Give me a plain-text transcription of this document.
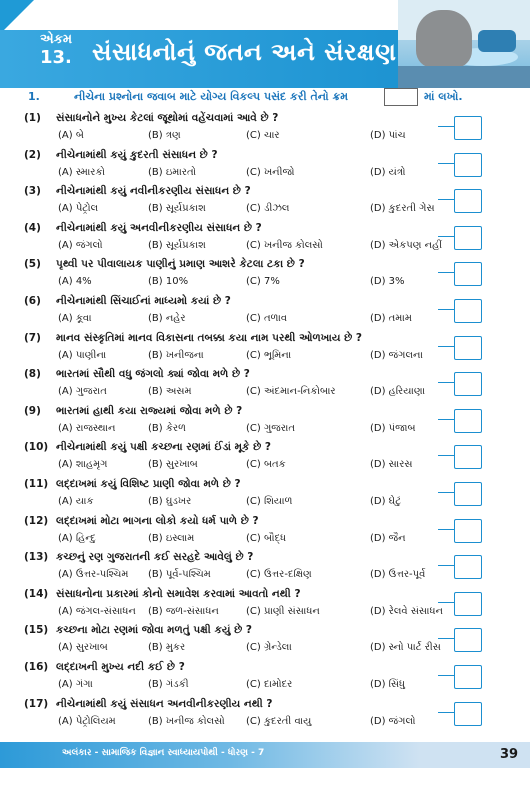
એકમ
13. સંસાધનોનું જતન અને સંરક્ષણ
1.	નીચેના પ્રશ્નોના જવાબ માટે યોગ્ય વિકલ્પ પસંદ કરી તેનો ક્રમ	માં લખો.
(1) સંસાધનોને મુખ્ય કેટલાં જૂથોમાં વહેંચવામાં આવે છે ?
(A) બે	(B) ત્રણ	(C) ચાર	(D) પાંચ
(2) નીચેનામાંથી કયું કુદરતી સંસાધન છે ?
(A) સ્મારકો	(B) ઇમારતો	(C) ખનીજો	(D) યંત્રો
(3) નીચેનામાંથી કયું નવીનીકરણીય સંસાધન છે ?
(A) પેટ્રોલ	(B) સૂર્યપ્રકાશ	(C) ડીઝલ	(D) કુદરતી ગેસ
(4) નીચેનામાંથી કયું અનવીનીકરણીય સંસાધન છે ?
(A) જંગલો	(B) સૂર્યપ્રકાશ	(C) ખનીજ કોલસો	(D) એકપણ નહીં
(5) પૃથ્વી પર પીવાલાયક પાણીનું પ્રમાણ આશરે કેટલા ટકા છે ?
(A) 4%	(B) 10%	(C) 7%	(D) 3%
(6) નીચેનામાંથી સિંચાઈનાં માધ્યમો કયાં છે ?
(A) કૂવા	(B) નહેર	(C) તળાવ	(D) તમામ
(7) માનવ સંસ્કૃતિમાં માનવ વિકાસના તબક્કા કયા નામ પરથી ઓળખાય છે ?
(A) પાણીના	(B) ખનીજના	(C) ભૂમિના	(D) જંગલના
(8) ભારતમાં સૌથી વધુ જંગલો ક્યાં જોવા મળે છે ?
(A) ગુજરાત	(B) અસમ	(C) અંદમાન-નિકોબાર	(D) હરિયાણા
(9) ભારતમાં હાથી કયા રાજ્યમાં જોવા મળે છે ?
(A) રાજસ્થાન	(B) કેરળ	(C) ગુજરાત	(D) પંજાબ
(10) નીચેનામાંથી કયું પક્ષી કચ્છના રણમાં ઈંડાં મૂકે છે ?
(A) શાહમૃગ	(B) સુરખાબ	(C) બતક	(D) સારસ
(11) લદ્દાખમાં કયું વિશિષ્ટ પ્રાણી જોવા મળે છે ?
(A) યાક	(B) ઘુડખર	(C) શિયાળ	(D) ઘેટું
(12) લદ્દાખમાં મોટા ભાગના લોકો કયો ધર્મ પાળે છે ?
(A) હિન્દુ	(B) ઇસ્લામ	(C) બૌદ્ધ	(D) જૈન
(13) કચ્છનું રણ ગુજરાતની કઈ સરહદે આવેલું છે ?
(A) ઉત્તર-પશ્ચિમ (B) પૂર્વ-પશ્ચિમ	(C) ઉત્તર-દક્ષિણ	(D) ઉત્તર-પૂર્વ
(14) સંસાધનોના પ્રકારમાં કોનો સમાવેશ કરવામાં આવતો નથી ?
(A) જંગલ-સંસાધન (B) જળ-સંસાધન	(C) પ્રાણી સંસાધન	(D) રેલવે સંસાધન
(15) કચ્છના મોટા રણમાં જોવા મળતું પક્ષી કયું છે ?
(A) સુરખાબ	(B) મુકર	(C) ગ્રેન્ડેલા	(D) સ્નો પાર્ટ રીસ
(16) લદ્દાખની મુખ્ય નદી કઈ છે ?
(A) ગંગા	(B) ગંડકી	(C) દામોદર	(D) સિંધુ
(17) નીચેનામાંથી કયું સંસાધન અનવીનીકરણીય નથી ?
(A) પેટ્રોલિયમ	(B) ખનીજ કોલસો (C) કુદરતી વાયુ	(D) જંગલો
અલંકાર - સામાજિક વિજ્ઞાન સ્વાધ્યાયપોથી - ધોરણ - 7	39
